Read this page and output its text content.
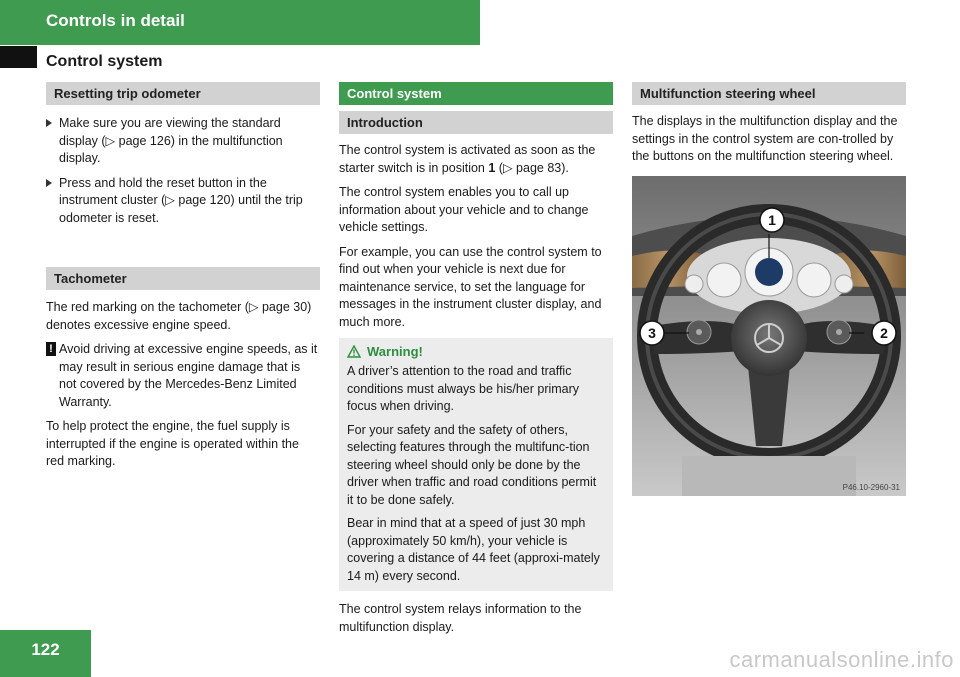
Controls in detail
Control system
Resetting trip odometer

Make sure you are viewing the standard display (▷ page 126) in the multifunction display.

Press and hold the reset button in the instrument cluster (▷ page 120) until the trip odometer is reset.

Tachometer

The red marking on the tachometer (▷ page 30) denotes excessive engine speed.

! Avoid driving at excessive engine speeds, as it may result in serious engine damage that is not covered by the Mercedes-Benz Limited Warranty.

To help protect the engine, the fuel supply is interrupted if the engine is operated within the red marking.

Control system
Introduction

The control system is activated as soon as the starter switch is in position 1 (▷ page 83).

The control system enables you to call up information about your vehicle and to change vehicle settings.

For example, you can use the control system to find out when your vehicle is next due for maintenance service, to set the language for messages in the instrument cluster display, and much more.

Warning!

A driver’s attention to the road and traffic conditions must always be his/her primary focus when driving.

For your safety and the safety of others, selecting features through the multifunc-tion steering wheel should only be done by the driver when traffic and road conditions permit it to be done safely.

Bear in mind that at a speed of just 30 mph (approximately 50 km/h), your vehicle is covering a distance of 44 feet (approxi-mately 14 m) every second.

The control system relays information to the multifunction display.

Multifunction steering wheel

The displays in the multifunction display and the settings in the control system are con-trolled by the buttons on the multifunction steering wheel.

1
2
3
P46.10-2960-31
122	carmanualsonline.info
